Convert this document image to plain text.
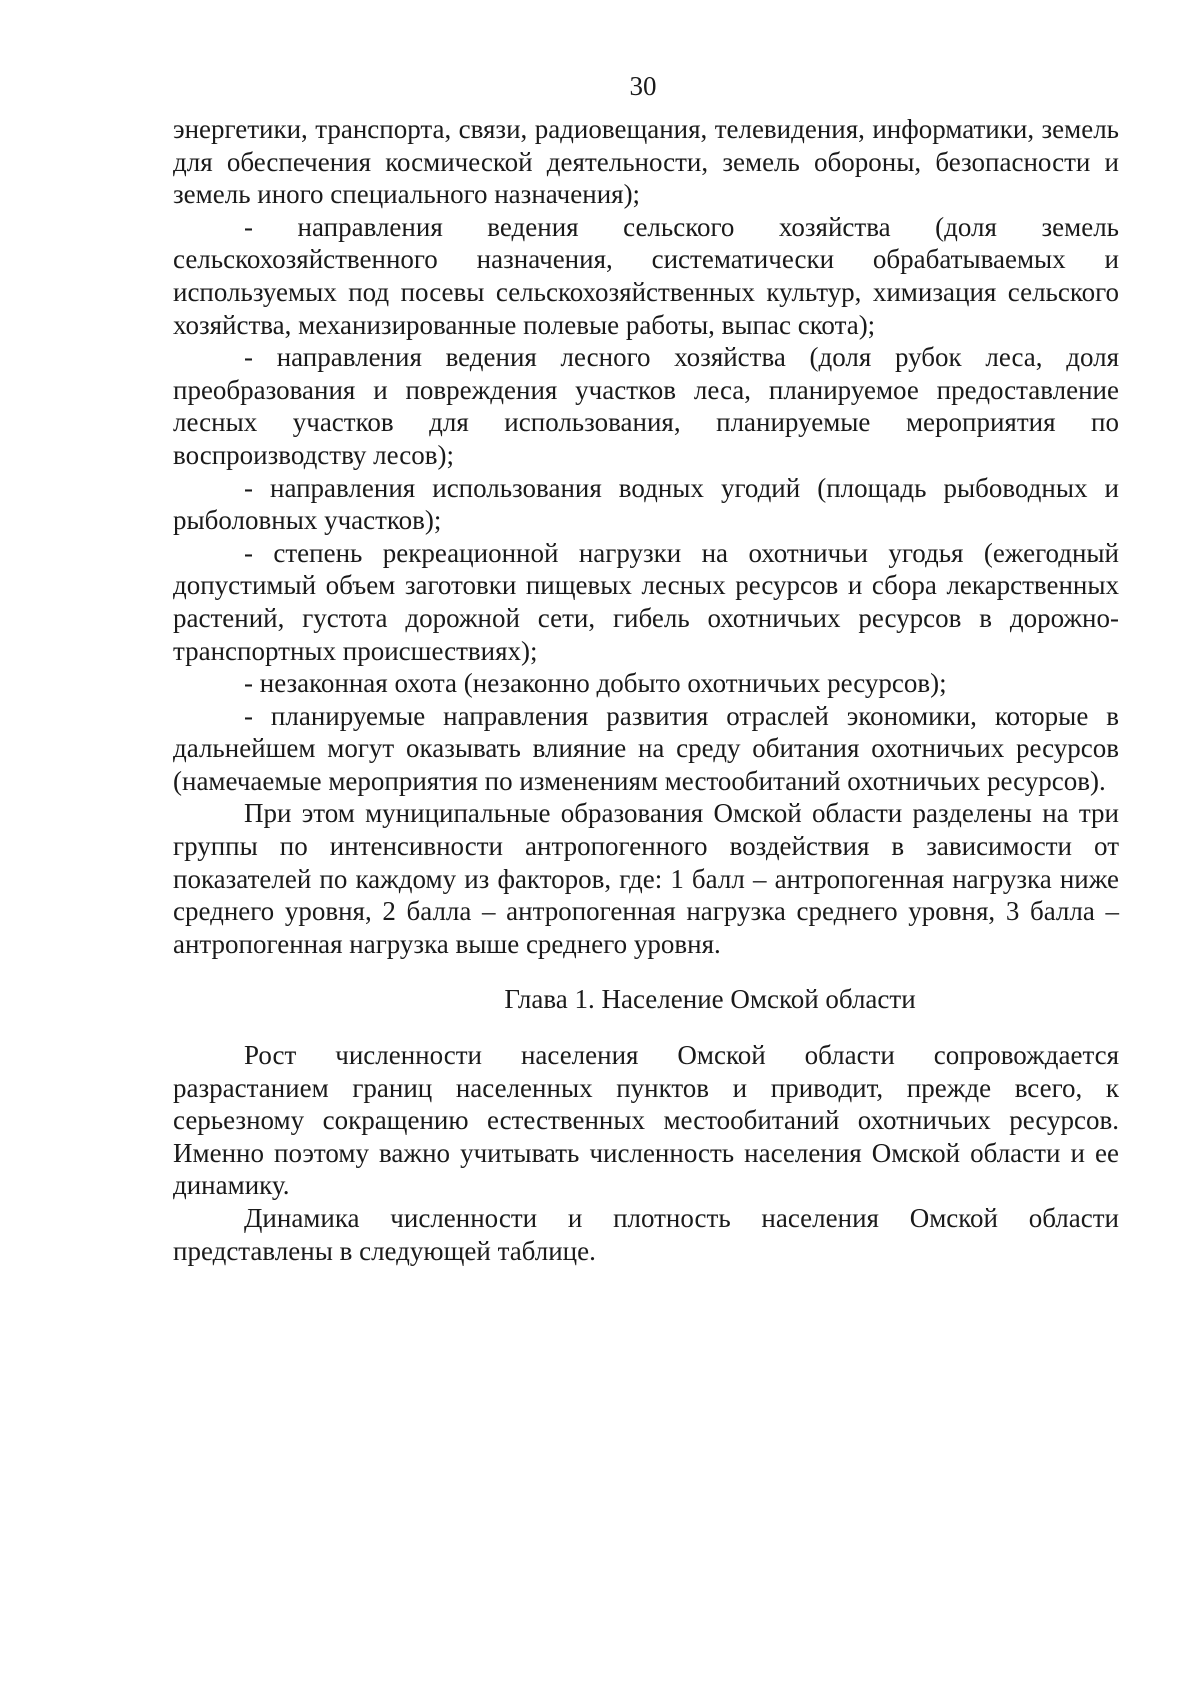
30

энергетики, транспорта, связи, радиовещания, телевидения, информатики, земель для обеспечения космической деятельности, земель обороны, безопасности и земель иного специального назначения);

- направления ведения сельского хозяйства (доля земель сельскохозяйственного назначения, систематически обрабатываемых и используемых под посевы сельскохозяйственных культур, химизация сельского хозяйства, механизированные полевые работы, выпас скота);

- направления ведения лесного хозяйства (доля рубок леса, доля преобразования и повреждения участков леса, планируемое предоставление лесных участков для использования, планируемые мероприятия по воспроизводству лесов);

- направления использования водных угодий (площадь рыбоводных и рыболовных участков);

- степень рекреационной нагрузки на охотничьи угодья (ежегодный допустимый объем заготовки пищевых лесных ресурсов и сбора лекарственных растений, густота дорожной сети, гибель охотничьих ресурсов в дорожно-транспортных происшествиях);

- незаконная охота (незаконно добыто охотничьих ресурсов);

- планируемые направления развития отраслей экономики, которые в дальнейшем могут оказывать влияние на среду обитания охотничьих ресурсов (намечаемые мероприятия по изменениям местообитаний охотничьих ресурсов).

При этом муниципальные образования Омской области разделены на три группы по интенсивности антропогенного воздействия в зависимости от показателей по каждому из факторов, где: 1 балл – антропогенная нагрузка ниже среднего уровня, 2 балла – антропогенная нагрузка среднего уровня, 3 балла – антропогенная нагрузка выше среднего уровня.

Глава 1. Население Омской области

Рост численности населения Омской области сопровождается разрастанием границ населенных пунктов и приводит, прежде всего, к серьезному сокращению естественных местообитаний охотничьих ресурсов. Именно поэтому важно учитывать численность населения Омской области и ее динамику.

Динамика численности и плотность населения Омской области представлены в следующей таблице.
